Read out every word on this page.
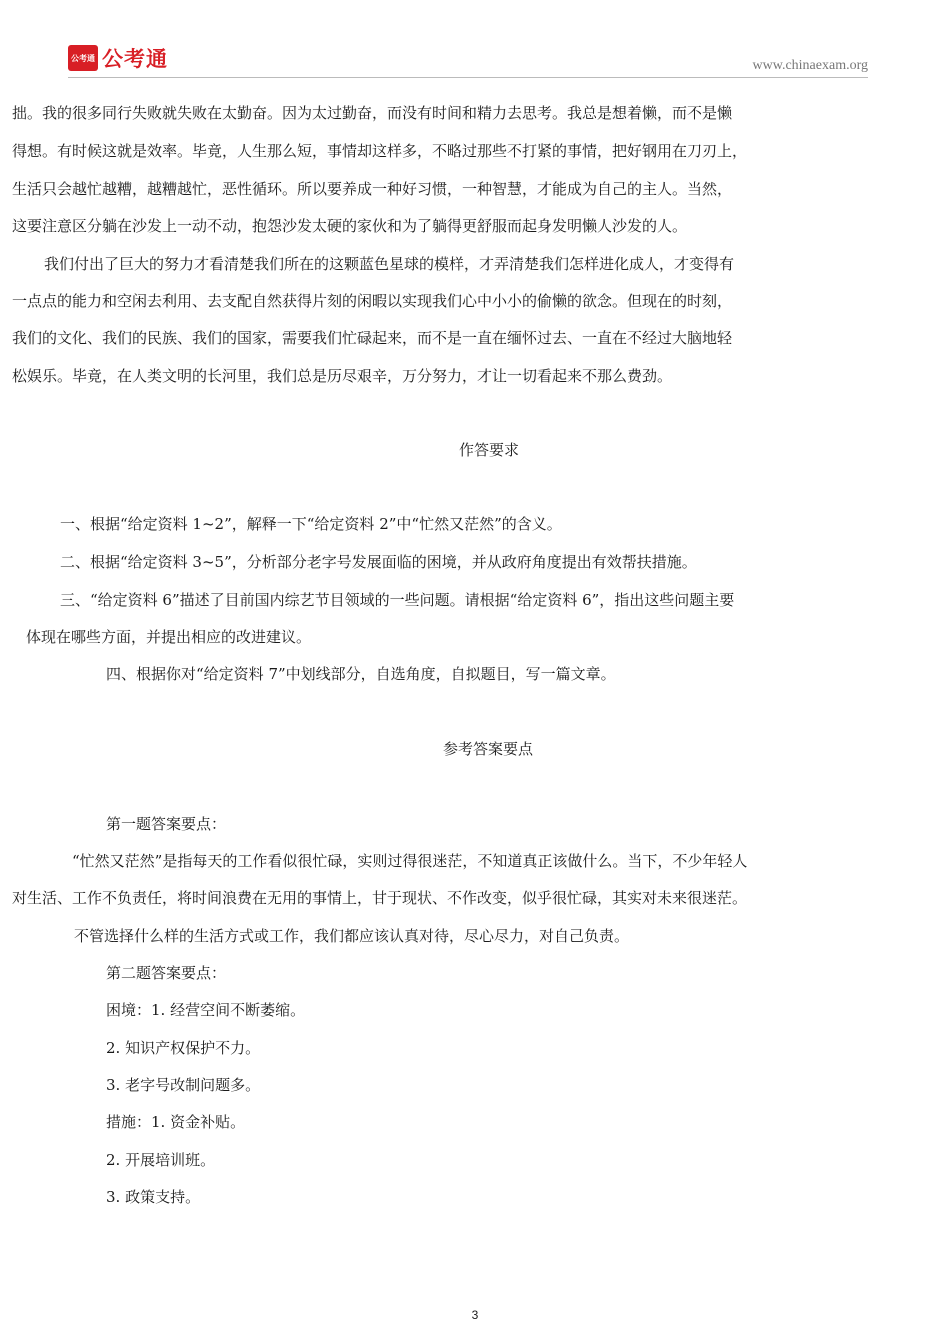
公考通 公考通	www.chinaexam.org
拙。我的很多同行失败就失败在太勤奋。因为太过勤奋，而没有时间和精力去思考。我总是想着懒，而不是懒
得想。有时候这就是效率。毕竟，人生那么短，事情却这样多，不略过那些不打紧的事情，把好钢用在刀刃上，
生活只会越忙越糟，越糟越忙，恶性循环。所以要养成一种好习惯，一种智慧，才能成为自己的主人。当然，
这要注意区分躺在沙发上一动不动，抱怨沙发太硬的家伙和为了躺得更舒服而起身发明懒人沙发的人。
我们付出了巨大的努力才看清楚我们所在的这颗蓝色星球的模样，才弄清楚我们怎样进化成人，才变得有
一点点的能力和空闲去利用、去支配自然获得片刻的闲暇以实现我们心中小小的偷懒的欲念。但现在的时刻，
我们的文化、我们的民族、我们的国家，需要我们忙碌起来，而不是一直在缅怀过去、一直在不经过大脑地轻
松娱乐。毕竟，在人类文明的长河里，我们总是历尽艰辛，万分努力，才让一切看起来不那么费劲。
作答要求
一、根据“给定资料 1~2”，解释一下“给定资料 2”中“忙然又茫然”的含义。
二、根据“给定资料 3~5”，分析部分老字号发展面临的困境，并从政府角度提出有效帮扶措施。
三、“给定资料 6”描述了目前国内综艺节目领域的一些问题。请根据“给定资料 6”，指出这些问题主要
体现在哪些方面，并提出相应的改进建议。
四、根据你对“给定资料 7”中划线部分，自选角度，自拟题目，写一篇文章。
参考答案要点
第一题答案要点：
“忙然又茫然”是指每天的工作看似很忙碌，实则过得很迷茫，不知道真正该做什么。当下，不少年轻人
对生活、工作不负责任，将时间浪费在无用的事情上，甘于现状、不作改变，似乎很忙碌，其实对未来很迷茫。
不管选择什么样的生活方式或工作，我们都应该认真对待，尽心尽力，对自己负责。
第二题答案要点：
困境：1. 经营空间不断萎缩。
2. 知识产权保护不力。
3. 老字号改制问题多。
措施：1. 资金补贴。
2. 开展培训班。
3. 政策支持。
3
